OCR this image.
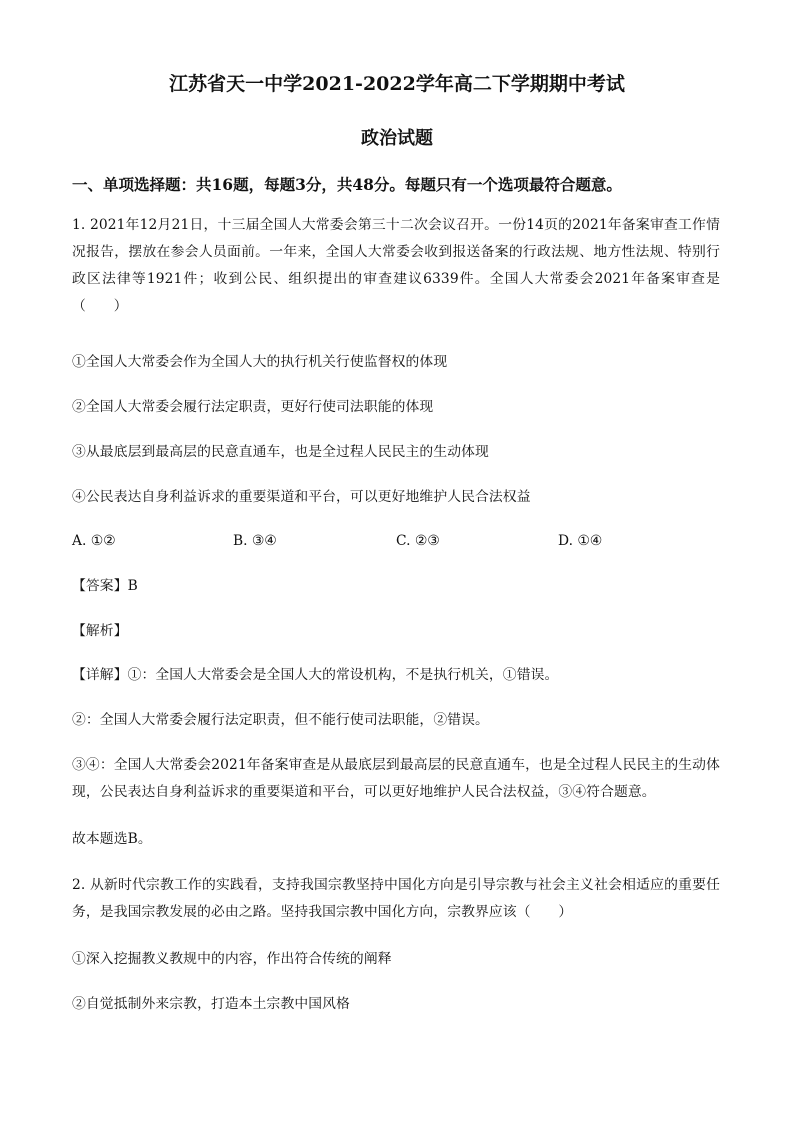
江苏省天一中学2021-2022学年高二下学期期中考试
政治试题
一、单项选择题：共16题，每题3分，共48分。每题只有一个选项最符合题意。

1. 2021年12月21日，十三届全国人大常委会第三十二次会议召开。一份14页的2021年备案审查工作情况报告，摆放在参会人员面前。一年来，全国人大常委会收到报送备案的行政法规、地方性法规、特别行政区法律等1921件；收到公民、组织提出的审查建议6339件。全国人大常委会2021年备案审查是（　　）

①全国人大常委会作为全国人大的执行机关行使监督权的体现

②全国人大常委会履行法定职责，更好行使司法职能的体现

③从最底层到最高层的民意直通车，也是全过程人民民主的生动体现

④公民表达自身利益诉求的重要渠道和平台，可以更好地维护人民合法权益

A. ①②	B. ③④	C. ②③	D. ①④

【答案】B

【解析】

【详解】①：全国人大常委会是全国人大的常设机构，不是执行机关，①错误。

②：全国人大常委会履行法定职责，但不能行使司法职能，②错误。

③④：全国人大常委会2021年备案审查是从最底层到最高层的民意直通车，也是全过程人民民主的生动体现，公民表达自身利益诉求的重要渠道和平台，可以更好地维护人民合法权益，③④符合题意。

故本题选B。

2. 从新时代宗教工作的实践看，支持我国宗教坚持中国化方向是引导宗教与社会主义社会相适应的重要任务，是我国宗教发展的必由之路。坚持我国宗教中国化方向，宗教界应该（　　）

①深入挖掘教义教规中的内容，作出符合传统的阐释

②自觉抵制外来宗教，打造本土宗教中国风格
